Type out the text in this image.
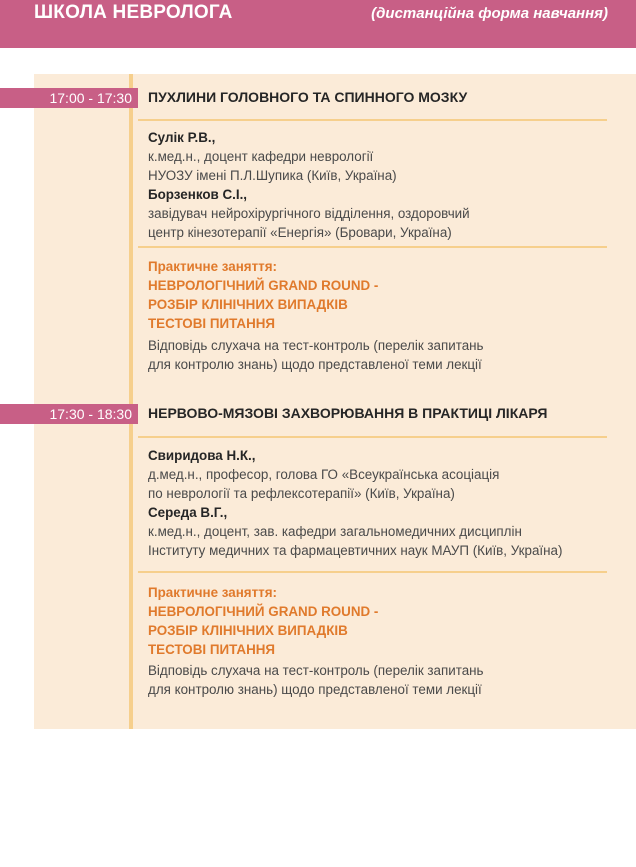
ШКОЛА НЕВРОЛОГА	(дистанційна форма навчання)
17:00 - 17:30	ПУХЛИНИ ГОЛОВНОГО ТА СПИННОГО МОЗКУ
Сулік Р.В.,
к.мед.н., доцент кафедри неврології
НУОЗУ імені П.Л.Шупика (Київ, Україна)
Борзенков С.І.,
завідувач нейрохірургічного відділення, оздоровчий
центр кінезотерапії «Енергія» (Бровари, Україна)
Практичне заняття:
НЕВРОЛОГІЧНИЙ GRAND ROUND -
РОЗБІР КЛІНІЧНИХ ВИПАДКІВ
ТЕСТОВІ ПИТАННЯ
Відповідь слухача на тест-контроль (перелік запитань
для контролю знань) щодо представленої теми лекції
17:30 - 18:30	НЕРВОВО-МЯЗОВІ ЗАХВОРЮВАННЯ В ПРАКТИЦІ ЛІКАРЯ
Свиридова Н.К.,
д.мед.н., професор, голова ГО «Всеукраїнська асоціація
по неврології та рефлексотерапії» (Київ, Україна)
Середа В.Г.,
к.мед.н., доцент, зав. кафедри загальномедичних дисциплін
Інституту медичних та фармацевтичних наук МАУП (Київ, Україна)
Практичне заняття:
НЕВРОЛОГІЧНИЙ GRAND ROUND -
РОЗБІР КЛІНІЧНИХ ВИПАДКІВ
ТЕСТОВІ ПИТАННЯ
Відповідь слухача на тест-контроль (перелік запитань
для контролю знань) щодо представленої теми лекції
